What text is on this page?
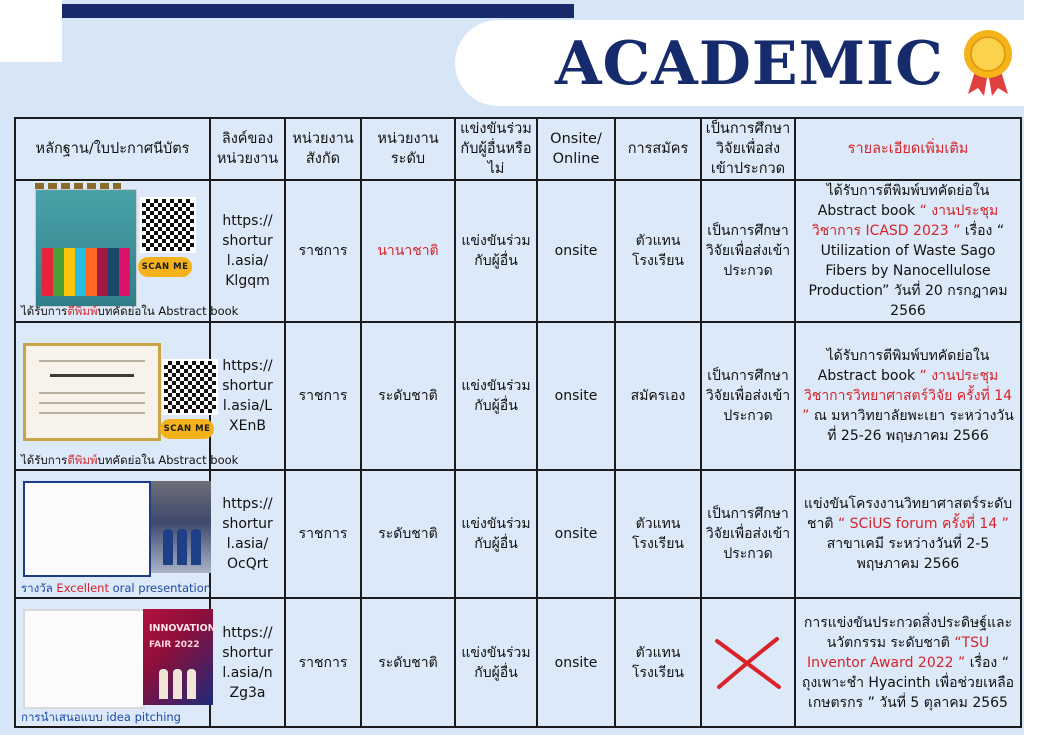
ACADEMIC
หลักฐาน/ใบปะกาศนีบัตร	ลิงค์ของหน่วยงาน	หน่วยงานสังกัด	หน่วยงานระดับ	แข่งขันร่วมกับผู้อื่นหรือไม่	Onsite/ Online	การสมัคร	เป็นการศึกษาวิจัยเพื่อส่งเข้าประกวด	รายละเอียดเพิ่มเติม

SCAN ME
ได้รับการตีพิมพ์บทคัดย่อใน Abstract book	https:// shortur l.asia/ Klgqm	ราชการ	นานาชาติ	แข่งขันร่วมกับผู้อื่น	onsite	ตัวแทนโรงเรียน	เป็นการศึกษาวิจัยเพื่อส่งเข้าประกวด	ได้รับการตีพิมพ์บทคัดย่อใน Abstract book “ งานประชุมวิชาการ ICASD 2023 ” เรื่อง “ Utilization of Waste Sago Fibers by Nanocellulose Production” วันที่ 20 กรกฎาคม 2566

SCAN ME
ได้รับการตีพิมพ์บทคัดย่อใน Abstract book	https:// shortur l.asia/L XEnB	ราชการ	ระดับชาติ	แข่งขันร่วมกับผู้อื่น	onsite	สมัครเอง	เป็นการศึกษาวิจัยเพื่อส่งเข้าประกวด	ได้รับการตีพิมพ์บทคัดย่อใน Abstract book “ งานประชุมวิชาการวิทยาศาสตร์วิจัย ครั้งที่ 14 ” ณ มหาวิทยาลัยพะเยา ระหว่างวันที่ 25-26 พฤษภาคม 2566

รางวัล Excellent oral presentation	https:// shortur l.asia/ OcQrt	ราชการ	ระดับชาติ	แข่งขันร่วมกับผู้อื่น	onsite	ตัวแทนโรงเรียน	เป็นการศึกษาวิจัยเพื่อส่งเข้าประกวด	แข่งขันโครงงานวิทยาศาสตร์ระดับชาติ “ SCiUS forum ครั้งที่ 14 ” สาขาเคมี ระหว่างวันที่ 2-5 พฤษภาคม 2566

INNOVATION
FAIR 2022
การนำเสนอแบบ idea pitching	https:// shortur l.asia/n Zg3a	ราชการ	ระดับชาติ	แข่งขันร่วมกับผู้อื่น	onsite	ตัวแทนโรงเรียน		การแข่งขันประกวดสิ่งประดิษฐ์และนวัตกรรม ระดับชาติ “TSU Inventor Award 2022 ” เรื่อง “ ถุงเพาะชำ Hyacinth เพื่อช่วยเหลือเกษตรกร ” วันที่ 5 ตุลาคม 2565
